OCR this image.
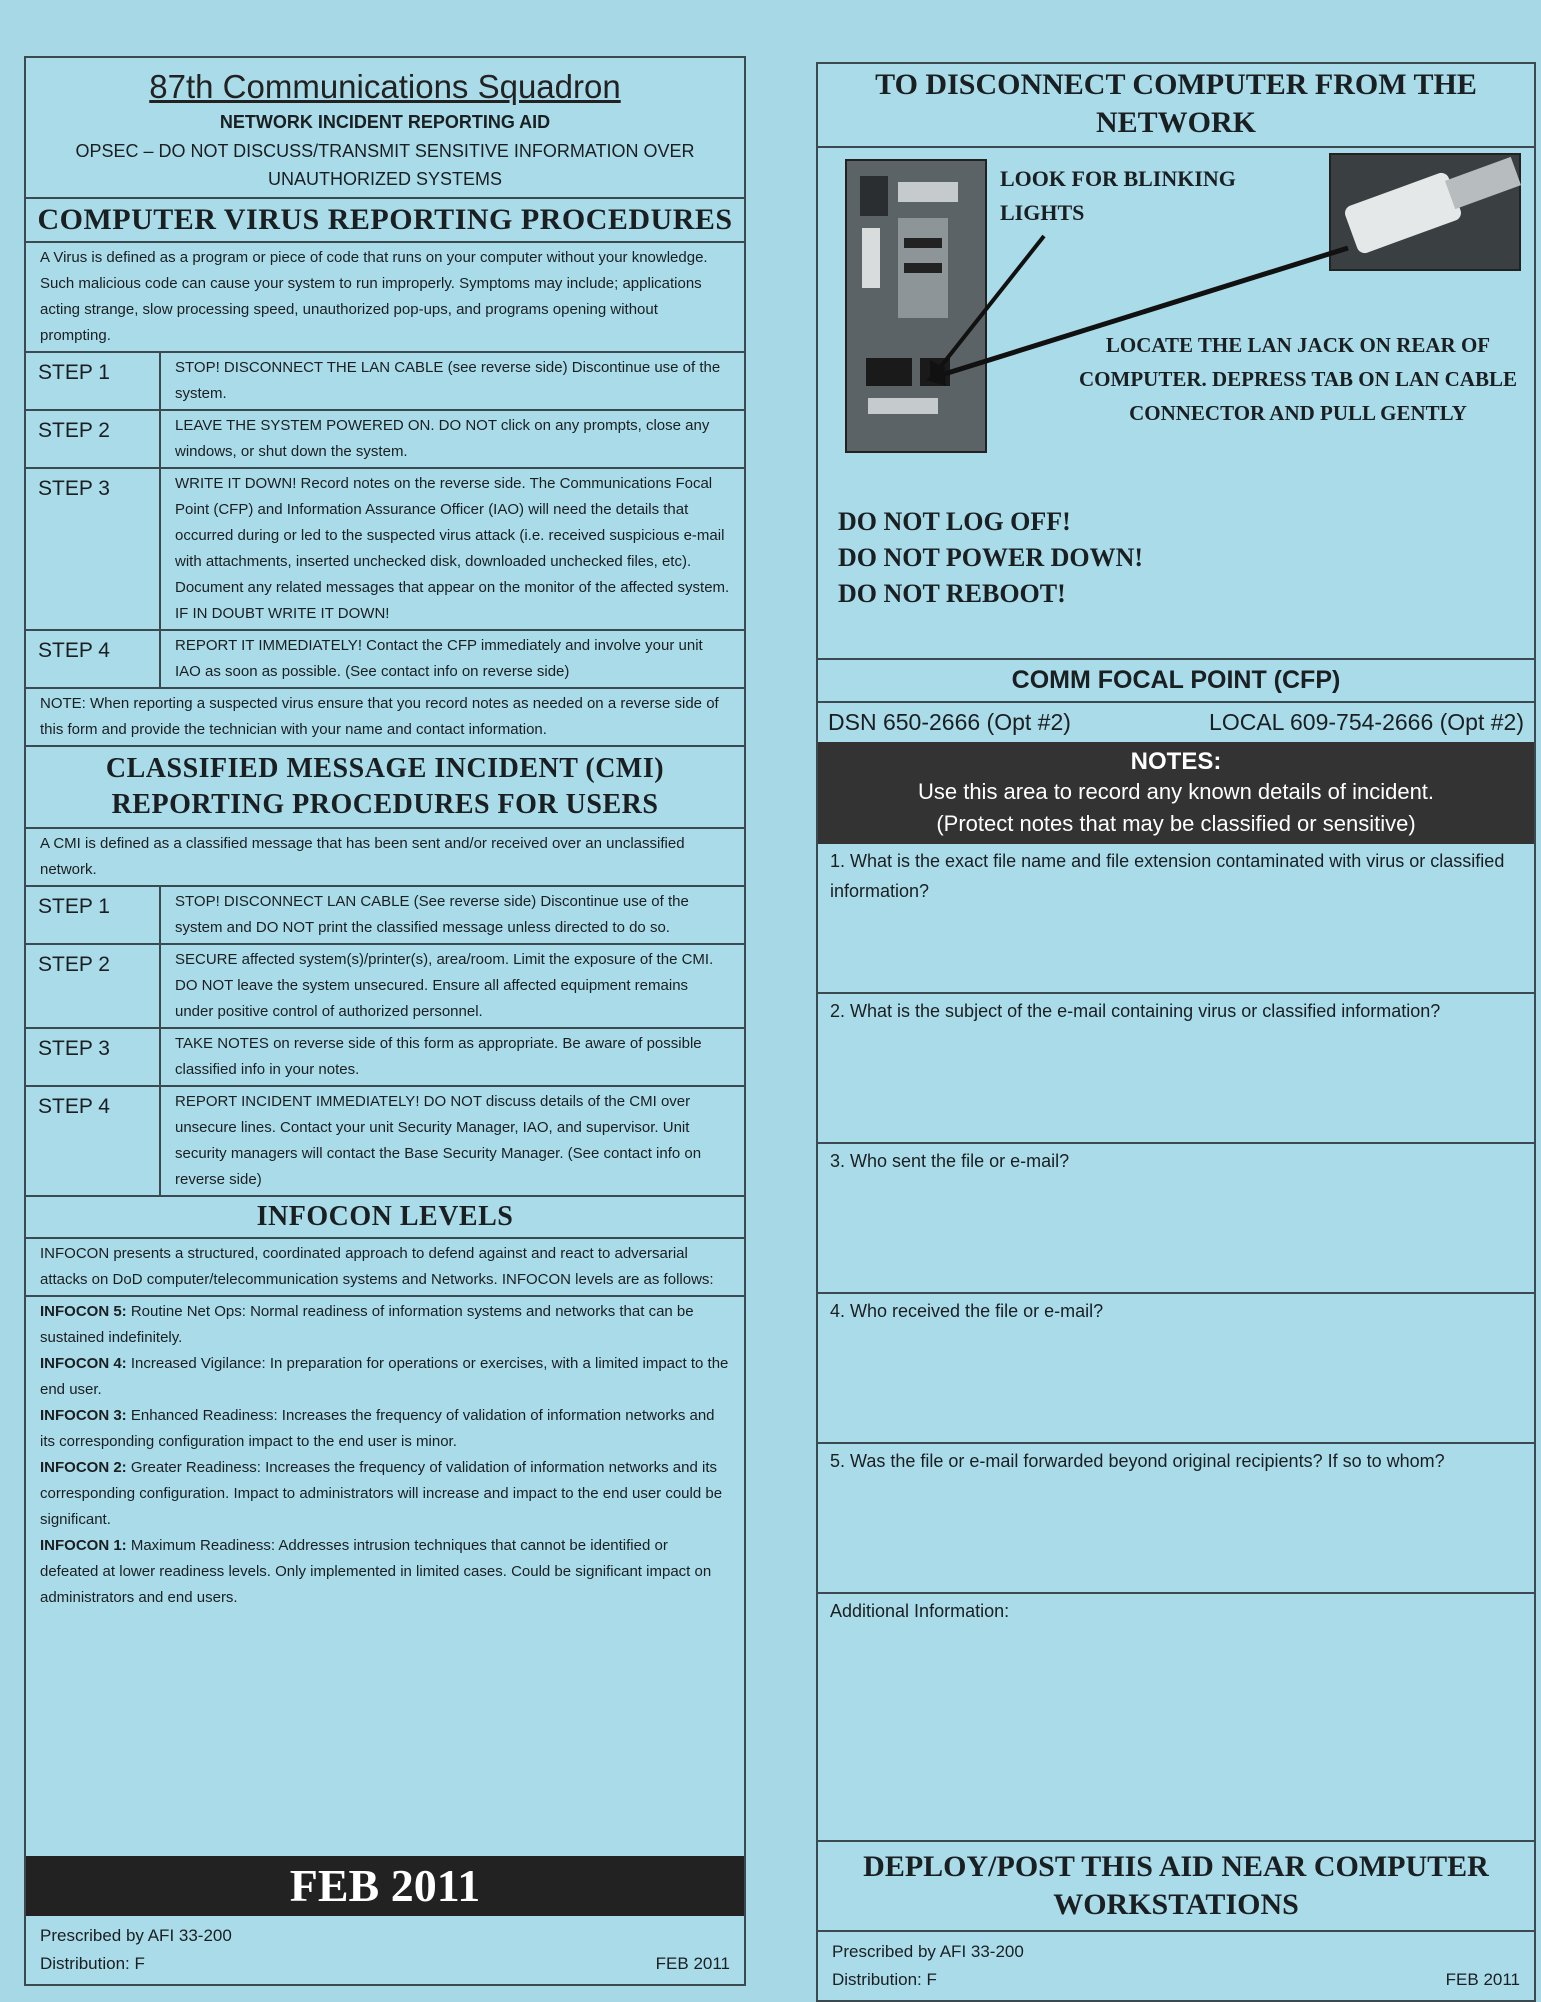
87th Communications Squadron
NETWORK INCIDENT REPORTING AID
OPSEC – DO NOT DISCUSS/TRANSMIT SENSITIVE INFORMATION OVER UNAUTHORIZED SYSTEMS
COMPUTER VIRUS REPORTING PROCEDURES
A Virus is defined as a program or piece of code that runs on your computer without your knowledge. Such malicious code can cause your system to run improperly. Symptoms may include; applications acting strange, slow processing speed, unauthorized pop-ups, and programs opening without prompting.
STEP 1	STOP! DISCONNECT THE LAN CABLE (see reverse side) Discontinue use of the system.
STEP 2	LEAVE THE SYSTEM POWERED ON. DO NOT click on any prompts, close any windows, or shut down the system.
STEP 3	WRITE IT DOWN! Record notes on the reverse side. The Communications Focal Point (CFP) and Information Assurance Officer (IAO) will need the details that occurred during or led to the suspected virus attack (i.e. received suspicious e-mail with attachments, inserted unchecked disk, downloaded unchecked files, etc). Document any related messages that appear on the monitor of the affected system. IF IN DOUBT WRITE IT DOWN!
STEP 4	REPORT IT IMMEDIATELY! Contact the CFP immediately and involve your unit IAO as soon as possible. (See contact info on reverse side)
NOTE: When reporting a suspected virus ensure that you record notes as needed on a reverse side of this form and provide the technician with your name and contact information.
CLASSIFIED MESSAGE INCIDENT (CMI) REPORTING PROCEDURES FOR USERS
A CMI is defined as a classified message that has been sent and/or received over an unclassified network.
STEP 1	STOP! DISCONNECT LAN CABLE (See reverse side) Discontinue use of the system and DO NOT print the classified message unless directed to do so.
STEP 2	SECURE affected system(s)/printer(s), area/room. Limit the exposure of the CMI. DO NOT leave the system unsecured. Ensure all affected equipment remains under positive control of authorized personnel.
STEP 3	TAKE NOTES on reverse side of this form as appropriate. Be aware of possible classified info in your notes.
STEP 4	REPORT INCIDENT IMMEDIATELY! DO NOT discuss details of the CMI over unsecure lines. Contact your unit Security Manager, IAO, and supervisor. Unit security managers will contact the Base Security Manager. (See contact info on reverse side)
INFOCON LEVELS
INFOCON presents a structured, coordinated approach to defend against and react to adversarial attacks on DoD computer/telecommunication systems and Networks. INFOCON levels are as follows:
INFOCON 5: Routine Net Ops: Normal readiness of information systems and networks that can be sustained indefinitely.
INFOCON 4: Increased Vigilance: In preparation for operations or exercises, with a limited impact to the end user.
INFOCON 3: Enhanced Readiness: Increases the frequency of validation of information networks and its corresponding configuration impact to the end user is minor.
INFOCON 2: Greater Readiness: Increases the frequency of validation of information networks and its corresponding configuration. Impact to administrators will increase and impact to the end user could be significant.
INFOCON 1: Maximum Readiness: Addresses intrusion techniques that cannot be identified or defeated at lower readiness levels. Only implemented in limited cases. Could be significant impact on administrators and end users.
FEB 2011
Prescribed by AFI 33-200
Distribution: F	FEB 2011
TO DISCONNECT COMPUTER FROM THE NETWORK
LOOK FOR BLINKING LIGHTS
LOCATE THE LAN JACK ON REAR OF COMPUTER. DEPRESS TAB ON LAN CABLE CONNECTOR AND PULL GENTLY
DO NOT LOG OFF!
DO NOT POWER DOWN!
DO NOT REBOOT!
COMM FOCAL POINT (CFP)
DSN 650-2666 (Opt #2)	LOCAL 609-754-2666 (Opt #2)
NOTES:
Use this area to record any known details of incident.
(Protect notes that may be classified or sensitive)
1. What is the exact file name and file extension contaminated with virus or classified information?
2. What is the subject of the e-mail containing virus or classified information?
3. Who sent the file or e-mail?
4. Who received the file or e-mail?
5. Was the file or e-mail forwarded beyond original recipients? If so to whom?
Additional Information:
DEPLOY/POST THIS AID NEAR COMPUTER WORKSTATIONS
Prescribed by AFI 33-200
Distribution: F	FEB 2011
